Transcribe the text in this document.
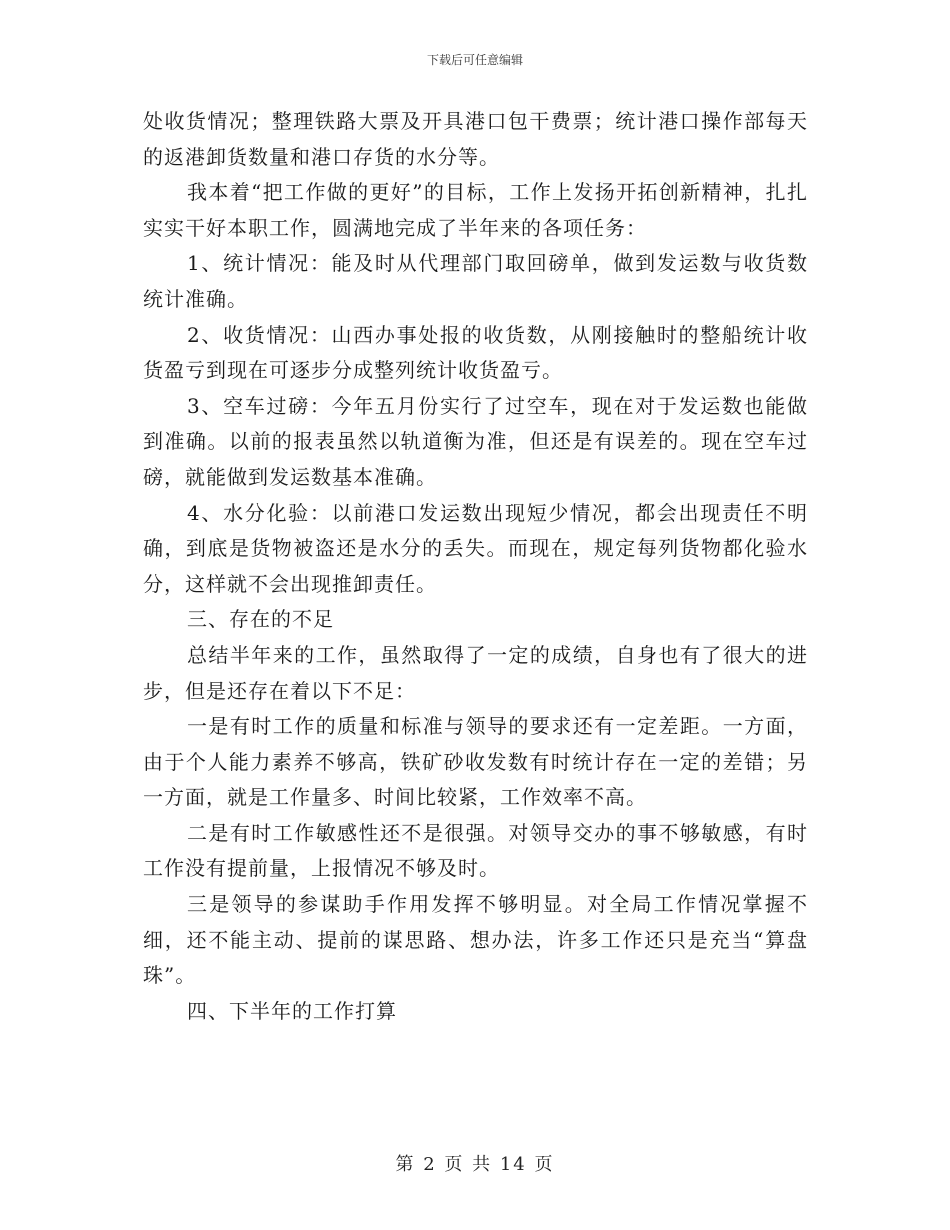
下载后可任意编辑

处收货情况；整理铁路大票及开具港口包干费票；统计港口操作部每天的返港卸货数量和港口存货的水分等。

我本着“把工作做的更好”的目标，工作上发扬开拓创新精神，扎扎实实干好本职工作，圆满地完成了半年来的各项任务：

1、统计情况：能及时从代理部门取回磅单，做到发运数与收货数统计准确。

2、收货情况：山西办事处报的收货数，从刚接触时的整船统计收货盈亏到现在可逐步分成整列统计收货盈亏。

3、空车过磅：今年五月份实行了过空车，现在对于发运数也能做到准确。以前的报表虽然以轨道衡为准，但还是有误差的。现在空车过磅，就能做到发运数基本准确。

4、水分化验：以前港口发运数出现短少情况，都会出现责任不明确，到底是货物被盗还是水分的丢失。而现在，规定每列货物都化验水分，这样就不会出现推卸责任。

三、存在的不足

总结半年来的工作，虽然取得了一定的成绩，自身也有了很大的进步，但是还存在着以下不足：

一是有时工作的质量和标准与领导的要求还有一定差距。一方面，由于个人能力素养不够高，铁矿砂收发数有时统计存在一定的差错；另一方面，就是工作量多、时间比较紧，工作效率不高。

二是有时工作敏感性还不是很强。对领导交办的事不够敏感，有时工作没有提前量，上报情况不够及时。

三是领导的参谋助手作用发挥不够明显。对全局工作情况掌握不细，还不能主动、提前的谋思路、想办法，许多工作还只是充当“算盘珠”。

四、下半年的工作打算

第 2 页 共 14 页
